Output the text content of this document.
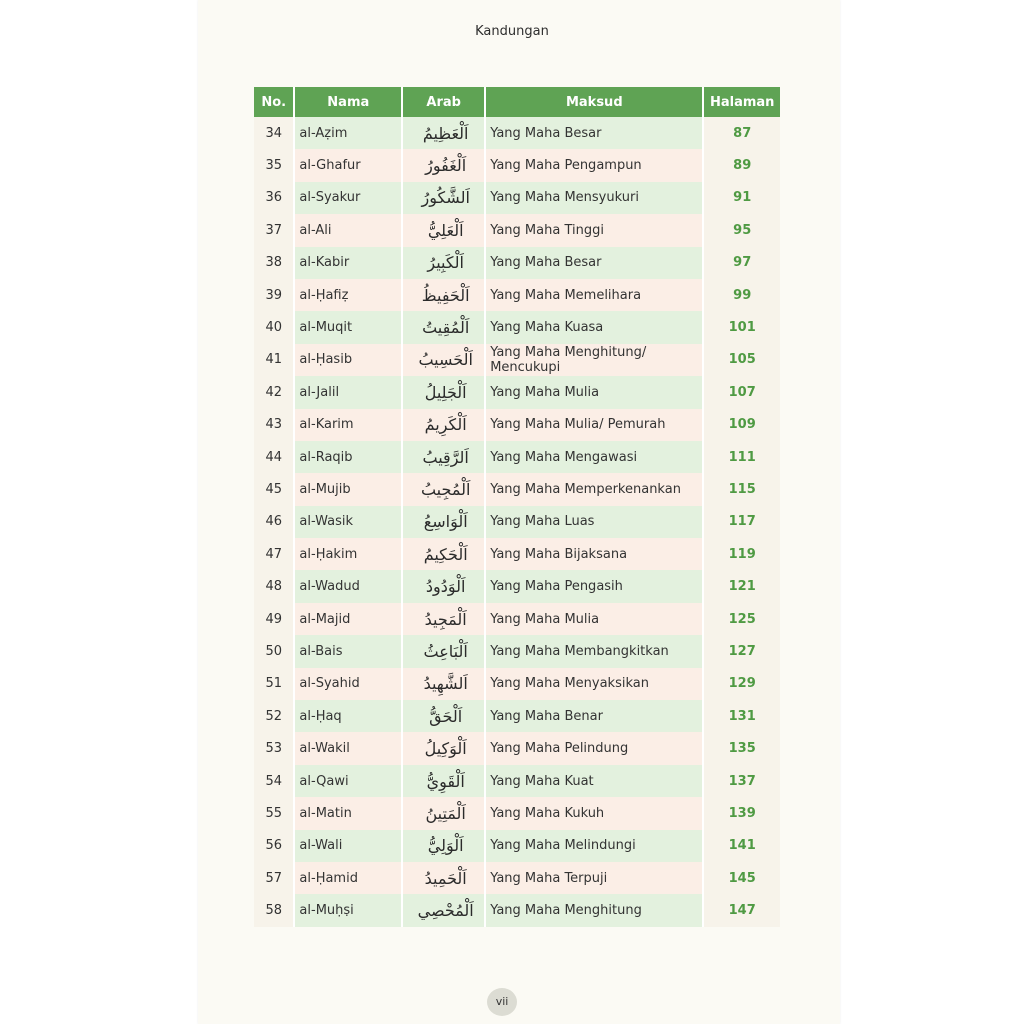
Kandungan
No.	Nama	Arab	Maksud	Halaman
34	al-Aẓim	اَلْعَظِيمُ	Yang Maha Besar	87
35	al-Ghafur	اَلْغَفُورُ	Yang Maha Pengampun	89
36	al-Syakur	اَلشَّكُورُ	Yang Maha Mensyukuri	91
37	al-Ali	اَلْعَلِيُّ	Yang Maha Tinggi	95
38	al-Kabir	اَلْكَبِيرُ	Yang Maha Besar	97
39	al-Ḥafiẓ	اَلْحَفِيظُ	Yang Maha Memelihara	99
40	al-Muqit	اَلْمُقِيتُ	Yang Maha Kuasa	101
41	al-Ḥasib	اَلْحَسِيبُ	Yang Maha Menghitung/ Mencukupi	105
42	al-Jalil	اَلْجَلِيلُ	Yang Maha Mulia	107
43	al-Karim	اَلْكَرِيمُ	Yang Maha Mulia/ Pemurah	109
44	al-Raqib	اَلرَّقِيبُ	Yang Maha Mengawasi	111
45	al-Mujib	اَلْمُجِيبُ	Yang Maha Memperkenankan	115
46	al-Wasik	اَلْوَاسِعُ	Yang Maha Luas	117
47	al-Ḥakim	اَلْحَكِيمُ	Yang Maha Bijaksana	119
48	al-Wadud	اَلْوَدُودُ	Yang Maha Pengasih	121
49	al-Majid	اَلْمَجِيدُ	Yang Maha Mulia	125
50	al-Bais	اَلْبَاعِثُ	Yang Maha Membangkitkan	127
51	al-Syahid	اَلشَّهِيدُ	Yang Maha Menyaksikan	129
52	al-Ḥaq	اَلْحَقُّ	Yang Maha Benar	131
53	al-Wakil	اَلْوَكِيلُ	Yang Maha Pelindung	135
54	al-Qawi	اَلْقَوِيُّ	Yang Maha Kuat	137
55	al-Matin	اَلْمَتِينُ	Yang Maha Kukuh	139
56	al-Wali	اَلْوَلِيُّ	Yang Maha Melindungi	141
57	al-Ḥamid	اَلْحَمِيدُ	Yang Maha Terpuji	145
58	al-Muḥṣi	اَلْمُحْصِي	Yang Maha Menghitung	147
vii
